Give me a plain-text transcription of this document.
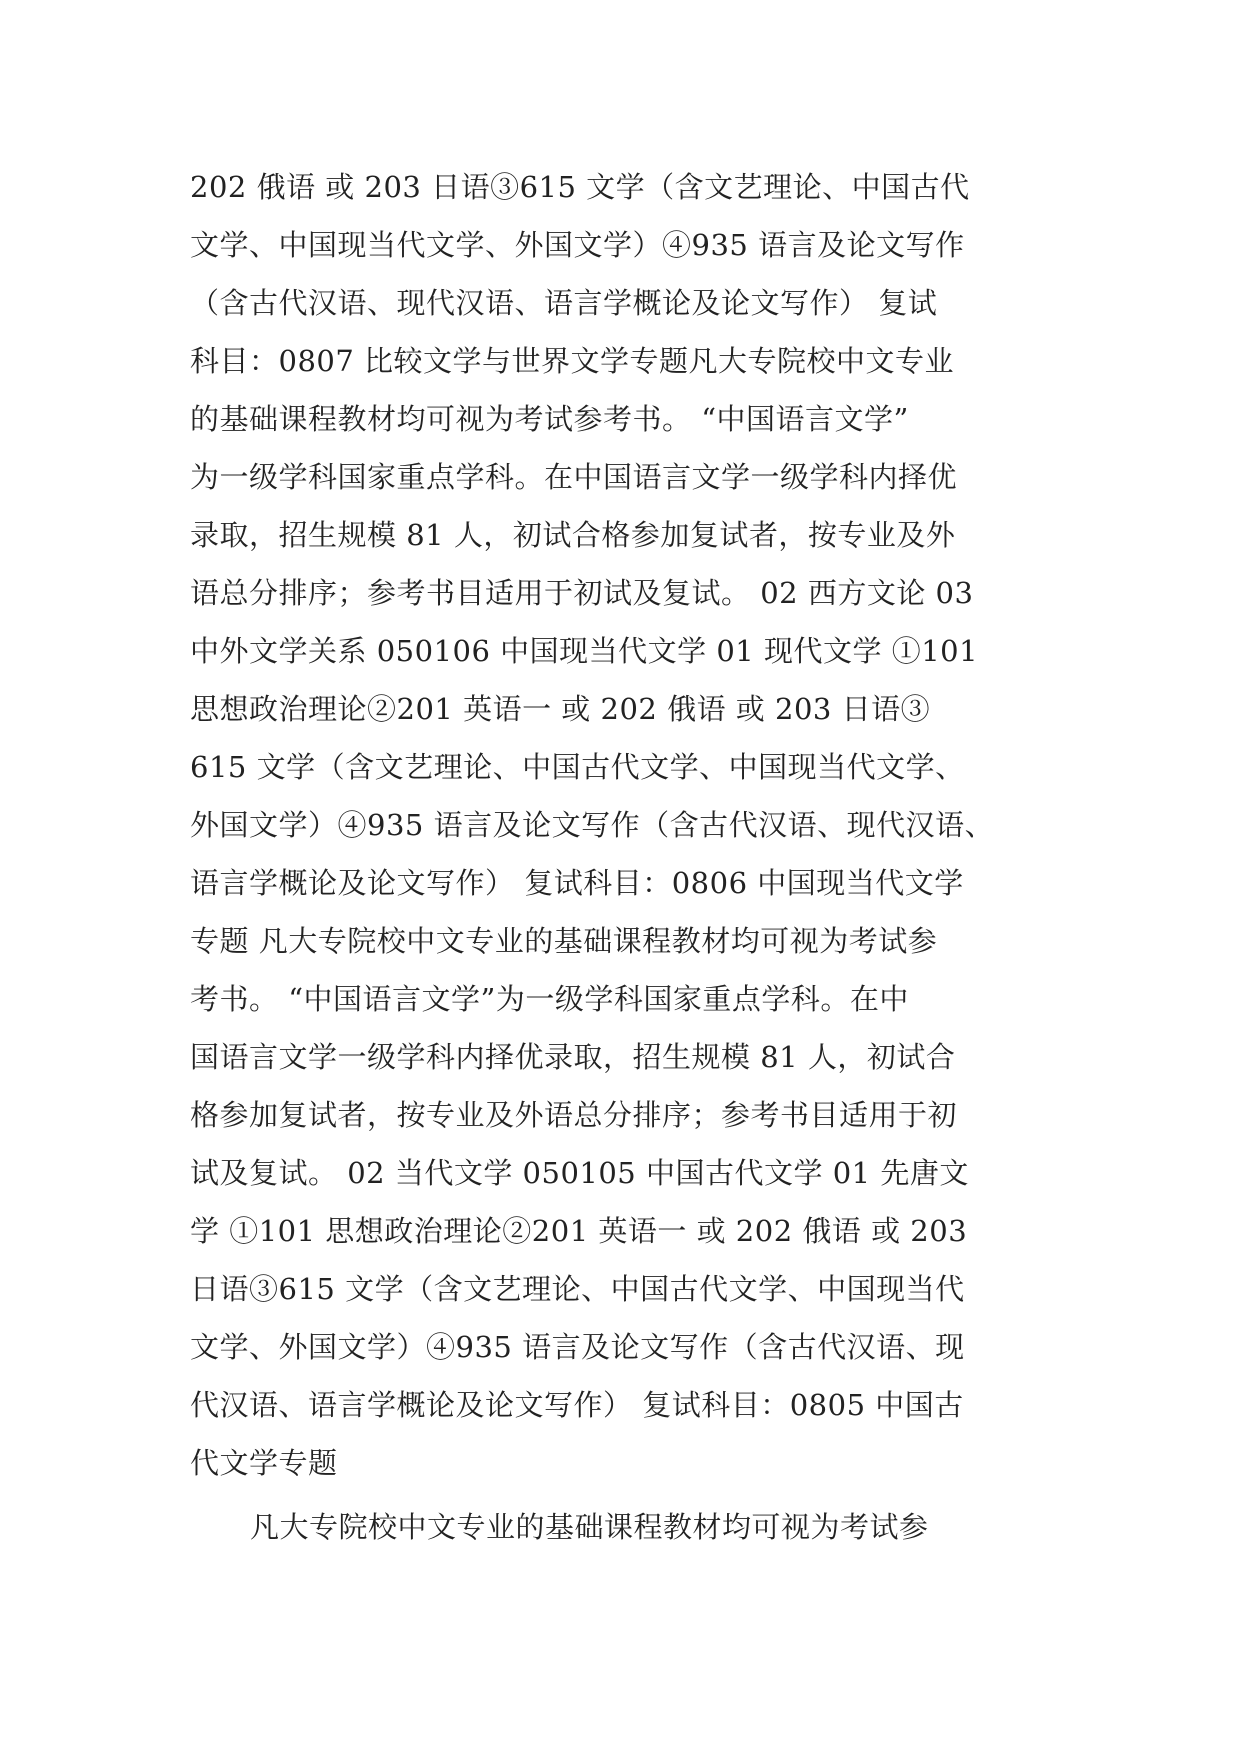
202 俄语 或 203 日语③615 文学（含文艺理论、中国古代
文学、中国现当代文学、外国文学）④935 语言及论文写作
（含古代汉语、现代汉语、语言学概论及论文写作） 复试
科目：0807 比较文学与世界文学专题凡大专院校中文专业
的基础课程教材均可视为考试参考书。 “中国语言文学”
为一级学科国家重点学科。在中国语言文学一级学科内择优
录取，招生规模 81 人，初试合格参加复试者，按专业及外
语总分排序；参考书目适用于初试及复试。 02 西方文论 03
中外文学关系 050106 中国现当代文学 01 现代文学 ①101
思想政治理论②201 英语一 或 202 俄语 或 203 日语③
615 文学（含文艺理论、中国古代文学、中国现当代文学、
外国文学）④935 语言及论文写作（含古代汉语、现代汉语、
语言学概论及论文写作） 复试科目：0806 中国现当代文学
专题 凡大专院校中文专业的基础课程教材均可视为考试参
考书。 “中国语言文学”为一级学科国家重点学科。在中
国语言文学一级学科内择优录取，招生规模 81 人，初试合
格参加复试者，按专业及外语总分排序；参考书目适用于初
试及复试。 02 当代文学 050105 中国古代文学 01 先唐文
学 ①101 思想政治理论②201 英语一 或 202 俄语 或 203
日语③615 文学（含文艺理论、中国古代文学、中国现当代
文学、外国文学）④935 语言及论文写作（含古代汉语、现
代汉语、语言学概论及论文写作） 复试科目：0805 中国古
代文学专题
凡大专院校中文专业的基础课程教材均可视为考试参
